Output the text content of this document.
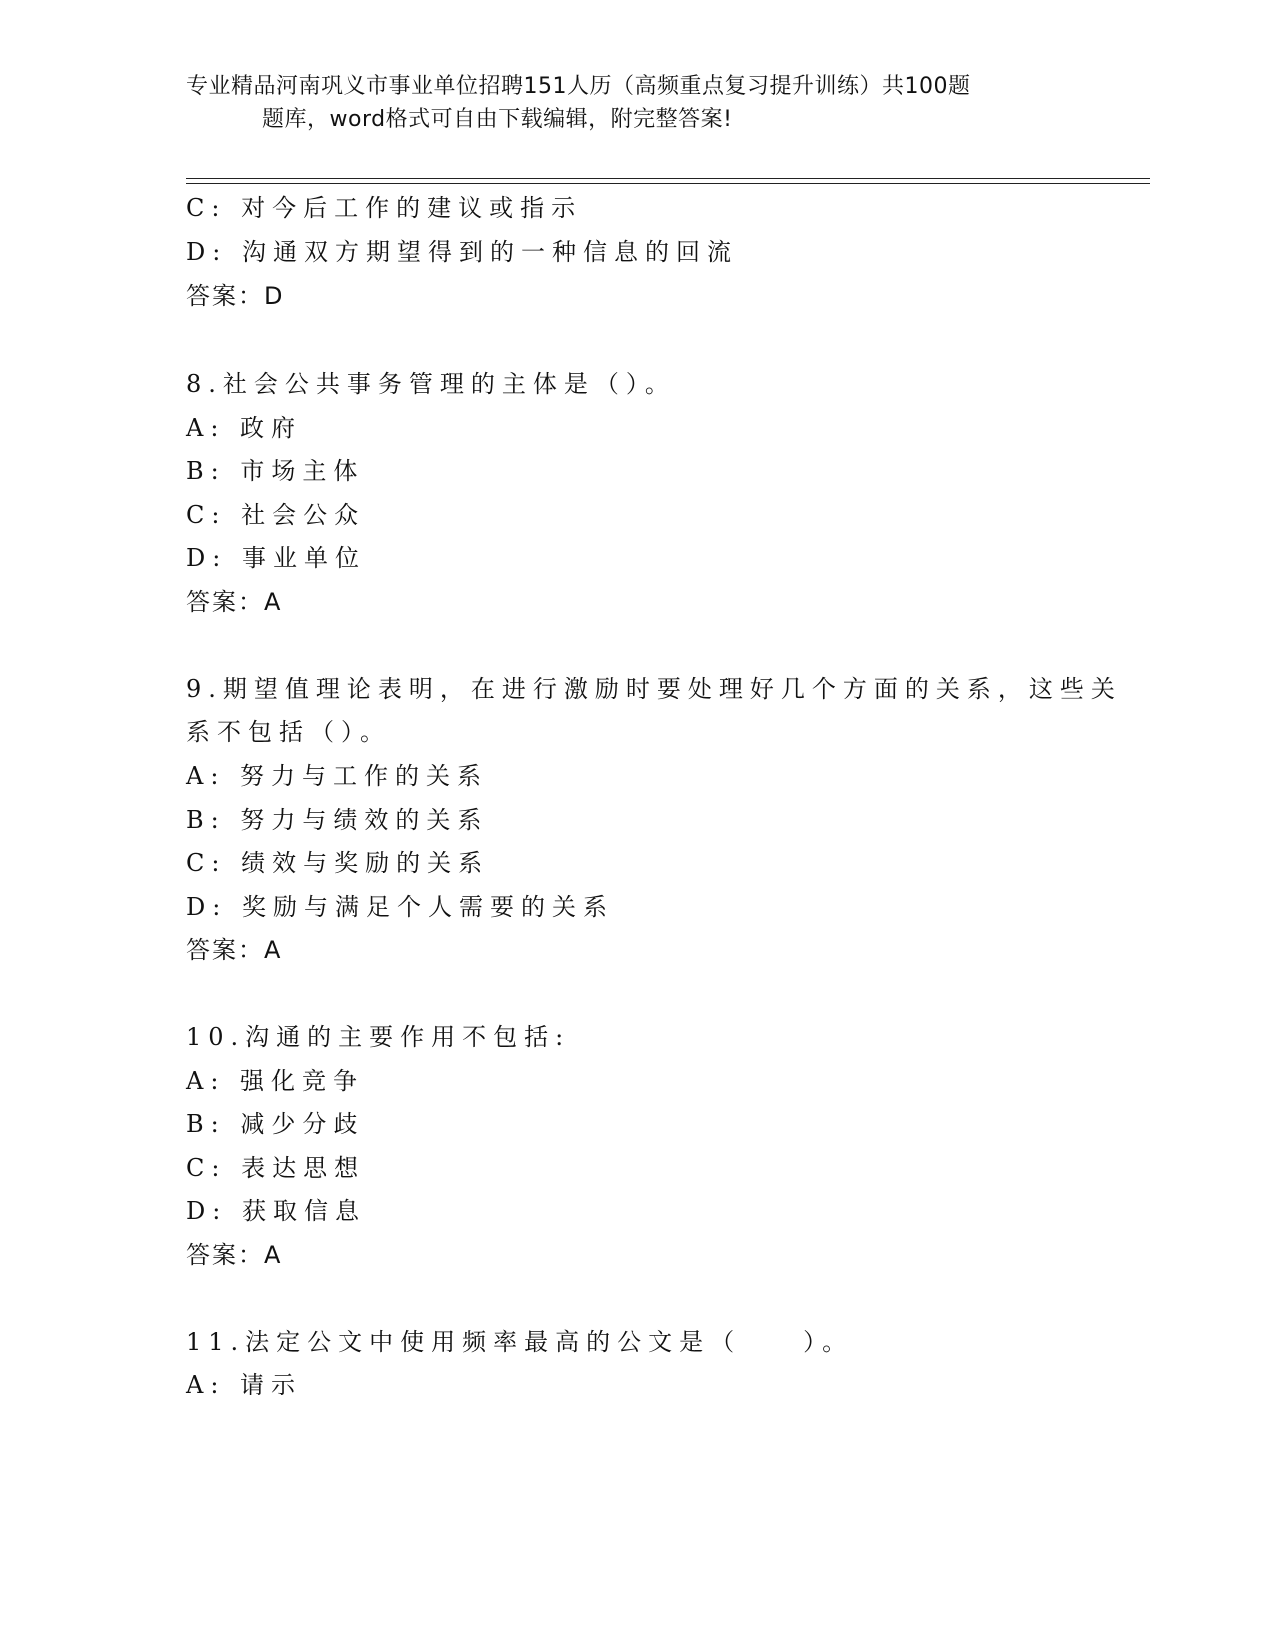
专业精品河南巩义市事业单位招聘151人历（高频重点复习提升训练）共100题

题库，word格式可自由下载编辑，附完整答案!
C: 对今后工作的建议或指示
D: 沟通双方期望得到的一种信息的回流
答案：D
8.社会公共事务管理的主体是（）。
A: 政府
B: 市场主体
C: 社会公众
D: 事业单位
答案：A
9.期望值理论表明，在进行激励时要处理好几个方面的关系，这些关
系不包括（）。
A: 努力与工作的关系
B: 努力与绩效的关系
C: 绩效与奖励的关系
D: 奖励与满足个人需要的关系
答案：A
10.沟通的主要作用不包括:
A: 强化竞争
B: 减少分歧
C: 表达思想
D: 获取信息
答案：A
11.法定公文中使用频率最高的公文是（　　）。
A: 请示
